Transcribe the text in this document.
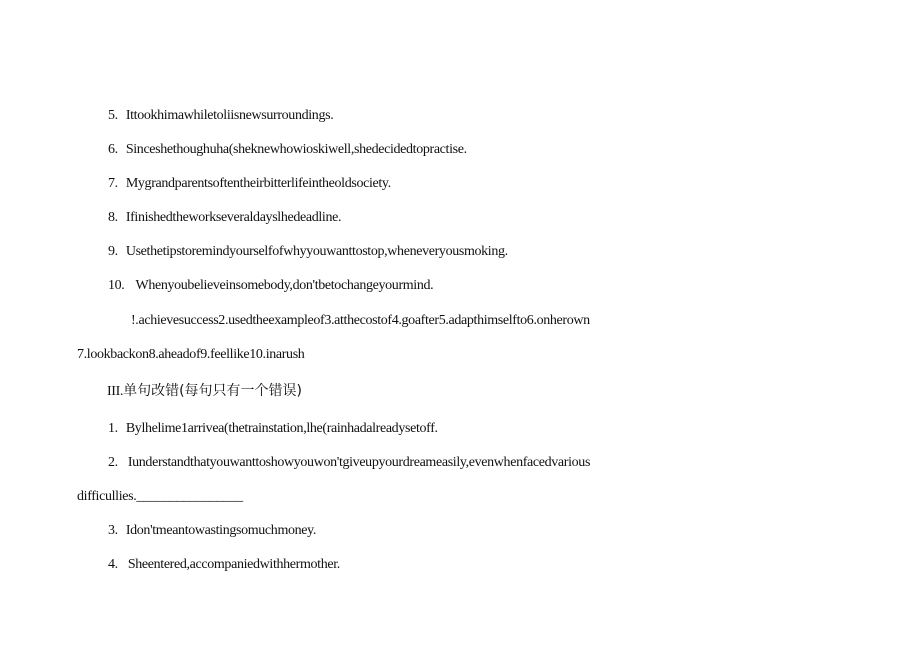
5. Ittookhimawhiletoliisnewsurroundings.
6. Sinceshethoughuha(sheknewhowioskiwell,shedecidedtopractise.
7. Mygrandparentsoftentheirbitterlifeintheoldsociety.
8. Ifinishedtheworkseveraldayslhedeadline.
9. Usethetipstoremindyourselfofwhyyouwanttostop,wheneveryousmoking.
10. Whenyoubelieveinsomebody,don'tbetochangeyourmind.
!.achievesuccess2.usedtheexampleof3.atthecostof4.goafter5.adapthimselfto6.onherown
7.lookbackon8.aheadof9.feellike10.inarush
III.单句改错(每句只有一个错误)
1. Bylhelime1arrivea(thetrainstation,lhe(rainhadalreadysetoff.
2. Iunderstandthatyouwanttoshowyouwon'tgiveupyourdreameasily,evenwhenfacedvarious
difficullies.________________
3. Idon'tmeantowastingsomuchmoney.
4. Sheentered,accompaniedwithhermother.
